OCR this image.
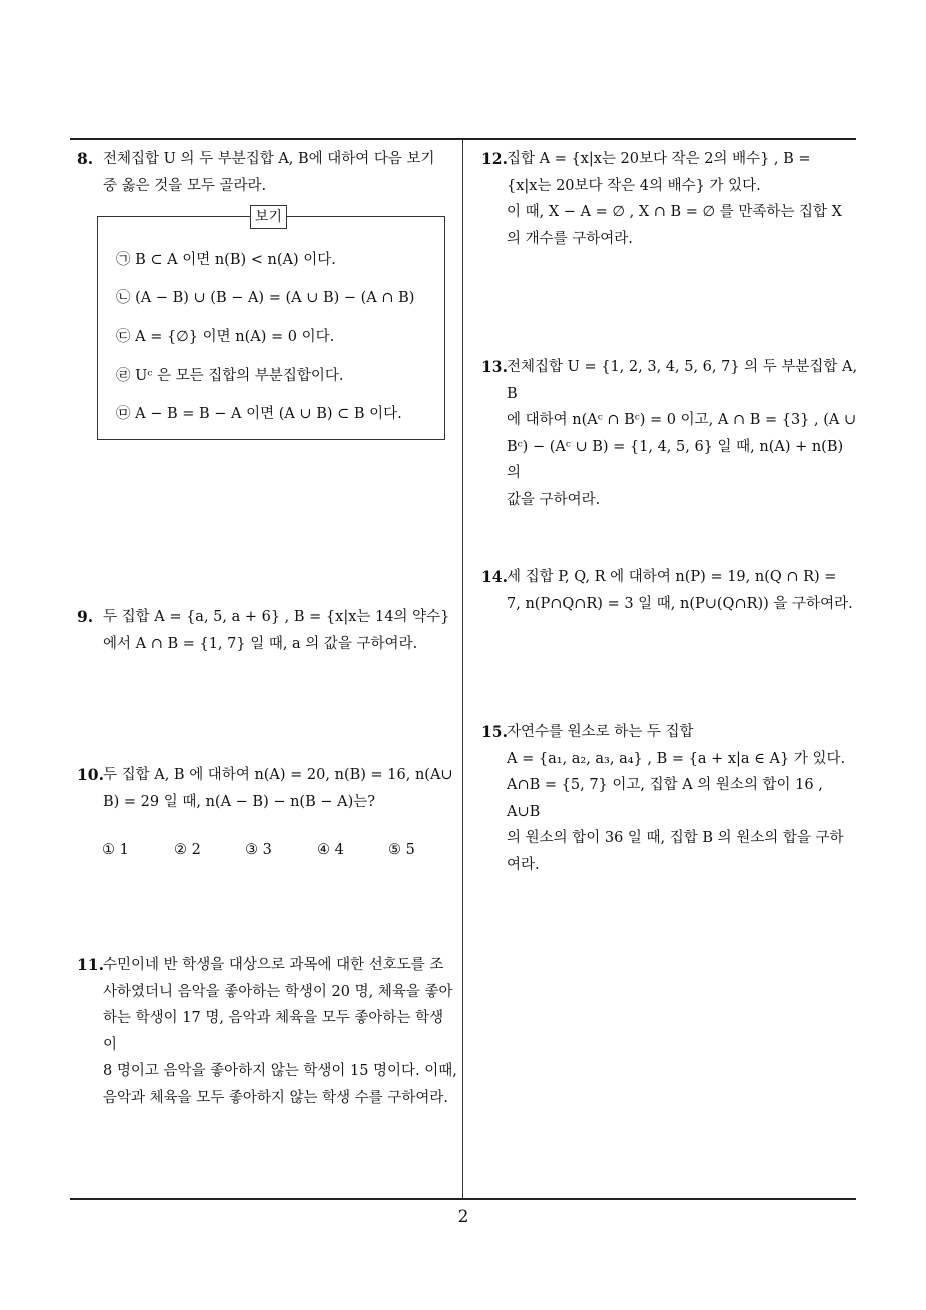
8. 전체집합 U 의 두 부분집합 A, B에 대하여 다음 보기
중 옳은 것을 모두 골라라.
보기
㉠ B ⊂ A 이면 n(B) < n(A) 이다.
㉡ (A − B) ∪ (B − A) = (A ∪ B) − (A ∩ B)
㉢ A = {∅} 이면 n(A) = 0 이다.
㉣ Uᶜ 은 모든 집합의 부분집합이다.
㉤ A − B = B − A 이면 (A ∪ B) ⊂ B 이다.
9. 두 집합 A = {a, 5, a + 6} , B = {x|x는 14의 약수}
에서 A ∩ B = {1, 7} 일 때, a 의 값을 구하여라.
10. 두 집합 A, B 에 대하여 n(A) = 20, n(B) = 16, n(A∪
B) = 29 일 때, n(A − B) − n(B − A)는?
① 1	② 2	③ 3	④ 4	⑤ 5
11. 수민이네 반 학생을 대상으로 과목에 대한 선호도를 조
사하였더니 음악을 좋아하는 학생이 20 명, 체육을 좋아
하는 학생이 17 명, 음악과 체육을 모두 좋아하는 학생이
8 명이고 음악을 좋아하지 않는 학생이 15 명이다. 이때,
음악과 체육을 모두 좋아하지 않는 학생 수를 구하여라.
12. 집합 A = {x|x는 20보다 작은 2의 배수} , B =
{x|x는 20보다 작은 4의 배수} 가 있다.
이 때, X − A = ∅ , X ∩ B = ∅ 를 만족하는 집합 X
의 개수를 구하여라.
13. 전체집합 U = {1, 2, 3, 4, 5, 6, 7} 의 두 부분집합 A, B
에 대하여 n(Aᶜ ∩ Bᶜ) = 0 이고, A ∩ B = {3} , (A ∪
Bᶜ) − (Aᶜ ∪ B) = {1, 4, 5, 6} 일 때, n(A) + n(B) 의
값을 구하여라.
14. 세 집합 P, Q, R 에 대하여 n(P) = 19, n(Q ∩ R) =
7, n(P∩Q∩R) = 3 일 때, n(P∪(Q∩R)) 을 구하여라.
15. 자연수를 원소로 하는 두 집합
A = {a₁, a₂, a₃, a₄} , B = {a + x|a ∈ A} 가 있다.
A∩B = {5, 7} 이고, 집합 A 의 원소의 합이 16 , A∪B
의 원소의 합이 36 일 때, 집합 B 의 원소의 합을 구하
여라.
2
